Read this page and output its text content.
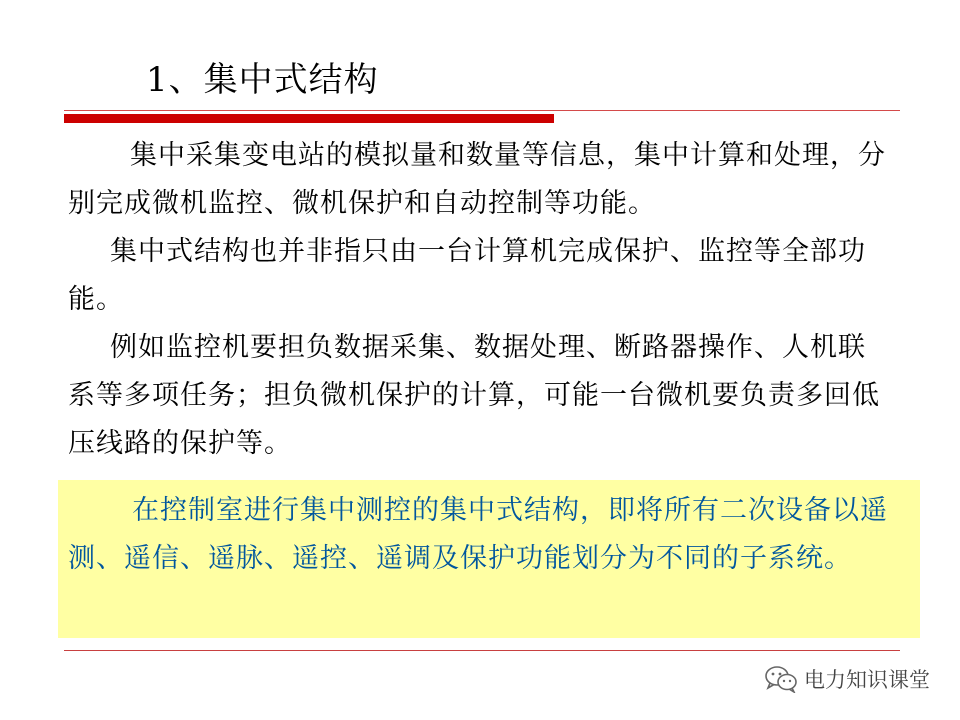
1、集中式结构

集中采集变电站的模拟量和数量等信息，集中计算和处理，分别完成微机监控、微机保护和自动控制等功能。

集中式结构也并非指只由一台计算机完成保护、监控等全部功能。

例如监控机要担负数据采集、数据处理、断路器操作、人机联系等多项任务；担负微机保护的计算，可能一台微机要负责多回低压线路的保护等。

在控制室进行集中测控的集中式结构，即将所有二次设备以遥测、遥信、遥脉、遥控、遥调及保护功能划分为不同的子系统。

电力知识课堂
